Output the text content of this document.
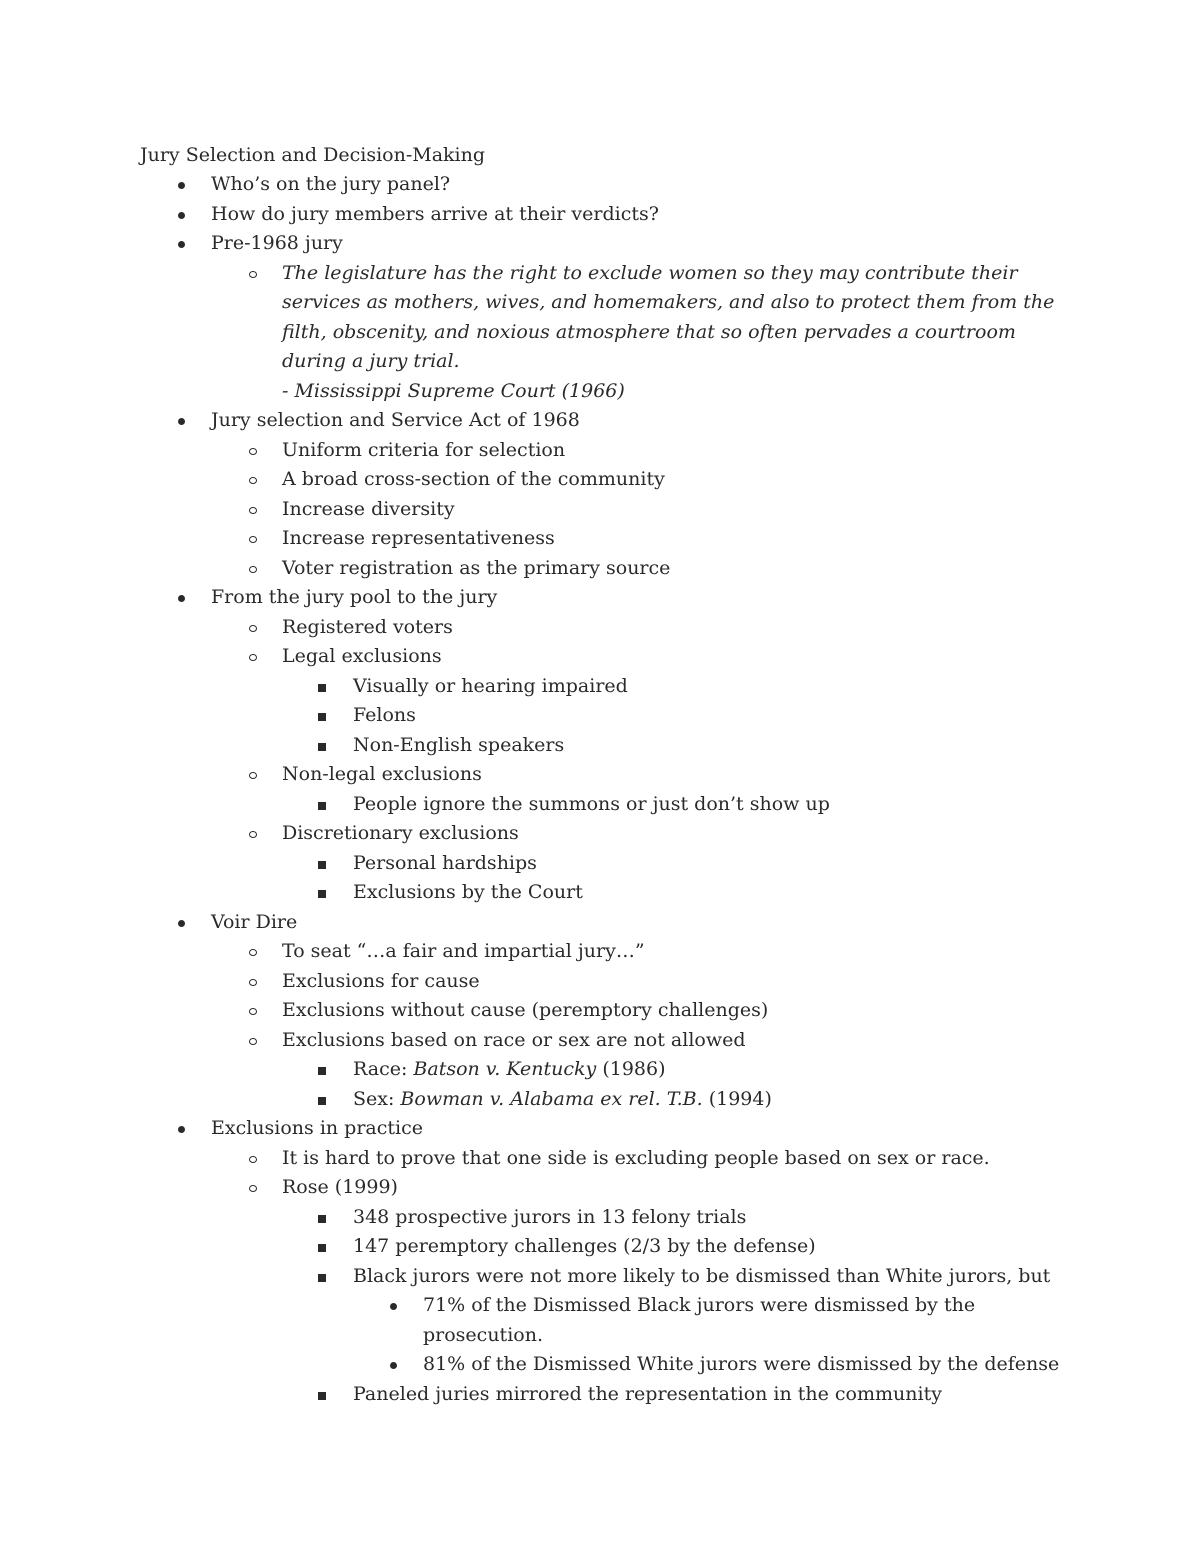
Jury Selection and Decision-Making
Who’s on the jury panel?
How do jury members arrive at their verdicts?
Pre-1968 jury
The legislature has the right to exclude women so they may contribute their
services as mothers, wives, and homemakers, and also to protect them from the
filth, obscenity, and noxious atmosphere that so often pervades a courtroom
during a jury trial.
- Mississippi Supreme Court (1966)
Jury selection and Service Act of 1968
Uniform criteria for selection
A broad cross-section of the community
Increase diversity
Increase representativeness
Voter registration as the primary source
From the jury pool to the jury
Registered voters
Legal exclusions
Visually or hearing impaired
Felons
Non-English speakers
Non-legal exclusions
People ignore the summons or just don’t show up
Discretionary exclusions
Personal hardships
Exclusions by the Court
Voir Dire
To seat “…a fair and impartial jury…”
Exclusions for cause
Exclusions without cause (peremptory challenges)
Exclusions based on race or sex are not allowed
Race: Batson v. Kentucky (1986)
Sex: Bowman v. Alabama ex rel. T.B. (1994)
Exclusions in practice
It is hard to prove that one side is excluding people based on sex or race.
Rose (1999)
348 prospective jurors in 13 felony trials
147 peremptory challenges (2/3 by the defense)
Black jurors were not more likely to be dismissed than White jurors, but
71% of the Dismissed Black jurors were dismissed by the
prosecution.
81% of the Dismissed White jurors were dismissed by the defense
Paneled juries mirrored the representation in the community
